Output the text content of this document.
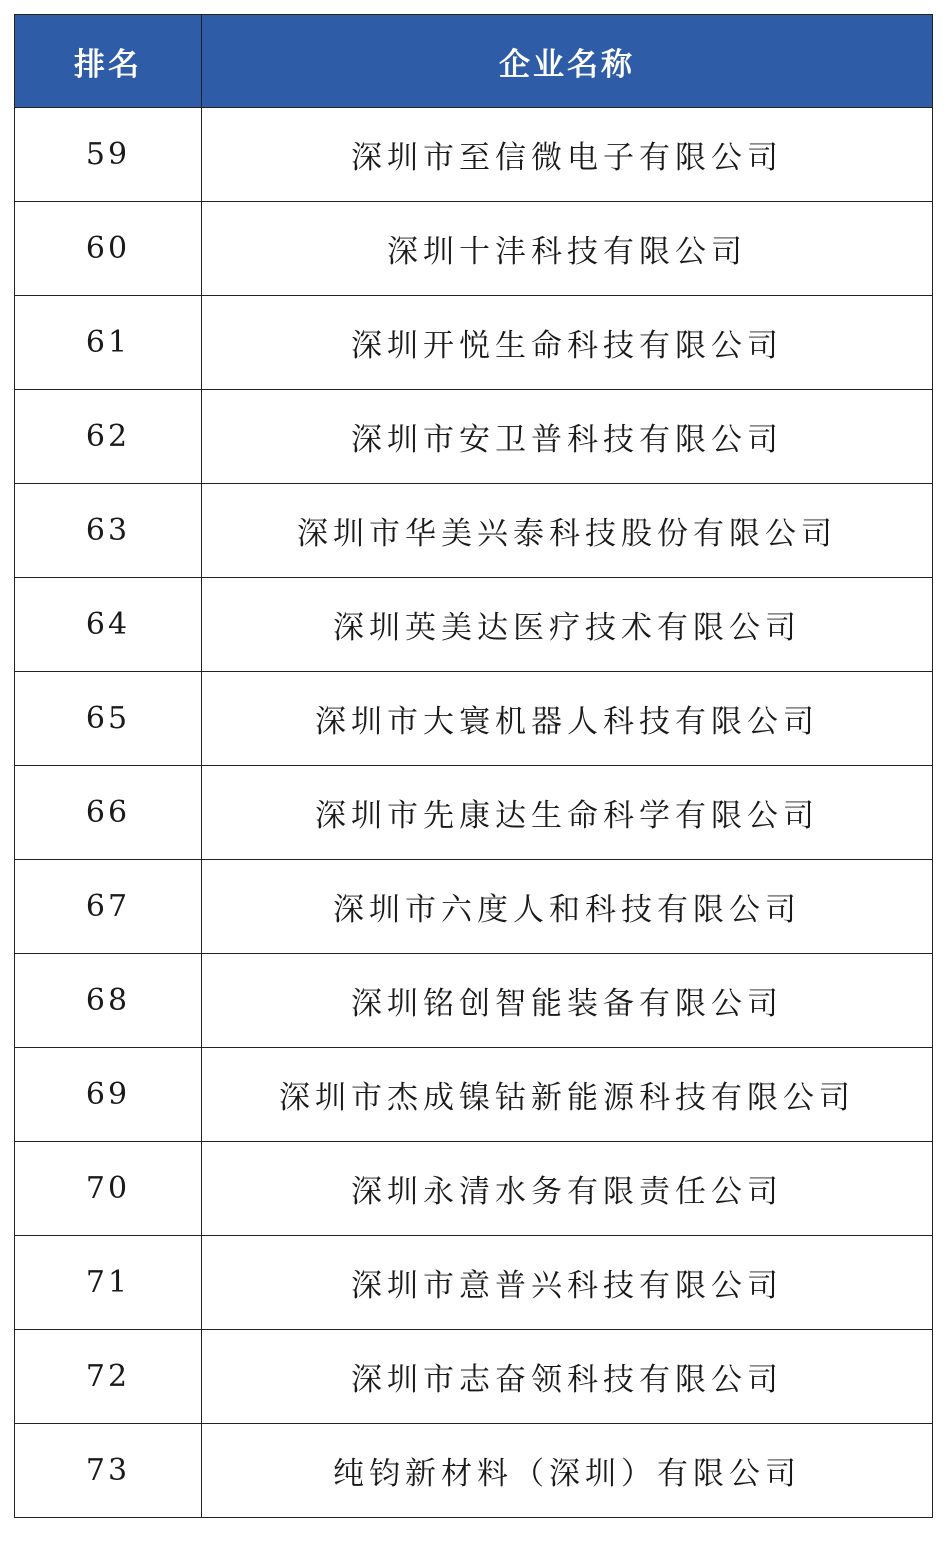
排名	企业名称
59	深圳市至信微电子有限公司
60	深圳十沣科技有限公司
61	深圳开悦生命科技有限公司
62	深圳市安卫普科技有限公司
63	深圳市华美兴泰科技股份有限公司
64	深圳英美达医疗技术有限公司
65	深圳市大寰机器人科技有限公司
66	深圳市先康达生命科学有限公司
67	深圳市六度人和科技有限公司
68	深圳铭创智能装备有限公司
69	深圳市杰成镍钴新能源科技有限公司
70	深圳永清水务有限责任公司
71	深圳市意普兴科技有限公司
72	深圳市志奋领科技有限公司
73	纯钧新材料（深圳）有限公司
